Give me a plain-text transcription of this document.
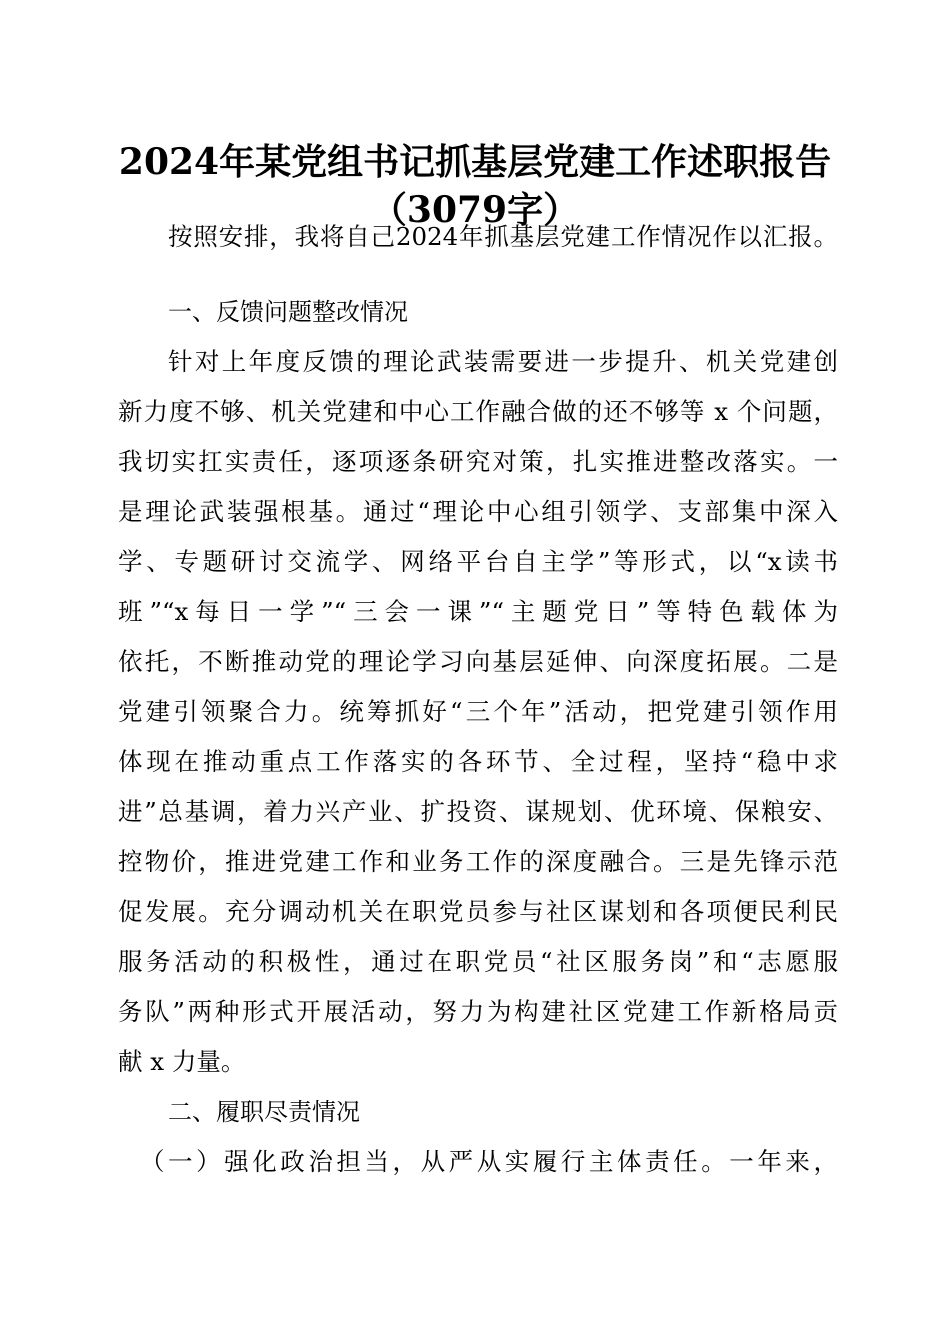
2024年某党组书记抓基层党建工作述职报告
（3079字）
按照安排，我将自己2024年抓基层党建工作情况作以汇报。
一、反馈问题整改情况
针对上年度反馈的理论武装需要进一步提升、机关党建创
新力度不够、机关党建和中心工作融合做的还不够等 x 个问题，
我切实扛实责任，逐项逐条研究对策，扎实推进整改落实。一
是理论武装强根基。通过“理论中心组引领学、支部集中深入
学、专题研讨交流学、网络平台自主学”等形式，以“x读书
班”“x每日一学”“三会一课”“主题党日”等特色载体为
依托，不断推动党的理论学习向基层延伸、向深度拓展。二是
党建引领聚合力。统筹抓好“三个年”活动，把党建引领作用
体现在推动重点工作落实的各环节、全过程，坚持“稳中求
进”总基调，着力兴产业、扩投资、谋规划、优环境、保粮安、
控物价，推进党建工作和业务工作的深度融合。三是先锋示范
促发展。充分调动机关在职党员参与社区谋划和各项便民利民
服务活动的积极性，通过在职党员“社区服务岗”和“志愿服
务队”两种形式开展活动，努力为构建社区党建工作新格局贡
献 x 力量。
二、履职尽责情况
（一）强化政治担当，从严从实履行主体责任。一年来，
